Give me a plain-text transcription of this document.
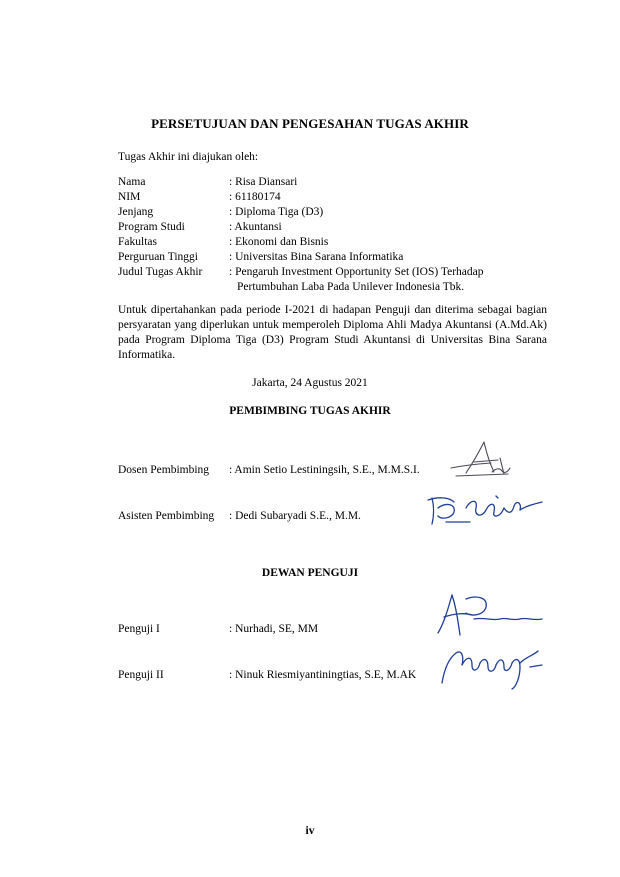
PERSETUJUAN DAN PENGESAHAN TUGAS AKHIR
Tugas Akhir ini diajukan oleh:
Nama	: Risa Diansari

NIM	: 61180174

Jenjang	: Diploma Tiga (D3)

Program Studi	: Akuntansi

Fakultas	: Ekonomi dan Bisnis

Perguruan Tinggi	: Universitas Bina Sarana Informatika

Judul Tugas Akhir	: Pengaruh Investment Opportunity Set (IOS) Terhadap
Pertumbuhan Laba Pada Unilever Indonesia Tbk.
Untuk dipertahankan pada periode I-2021 di hadapan Penguji dan diterima sebagai bagian persyaratan yang diperlukan untuk memperoleh Diploma Ahli Madya Akuntansi (A.Md.Ak) pada Program Diploma Tiga (D3) Program Studi Akuntansi di Universitas Bina Sarana Informatika.
Jakarta, 24 Agustus 2021
PEMBIMBING TUGAS AKHIR
Dosen Pembimbing : Amin Setio Lestiningsih, S.E., M.M.S.I.
Asisten Pembimbing : Dedi Subaryadi S.E., M.M.
DEWAN PENGUJI
Penguji I	: Nurhadi, SE, MM
Penguji II	: Ninuk Riesmiyantiningtias, S.E, M.AK
iv
